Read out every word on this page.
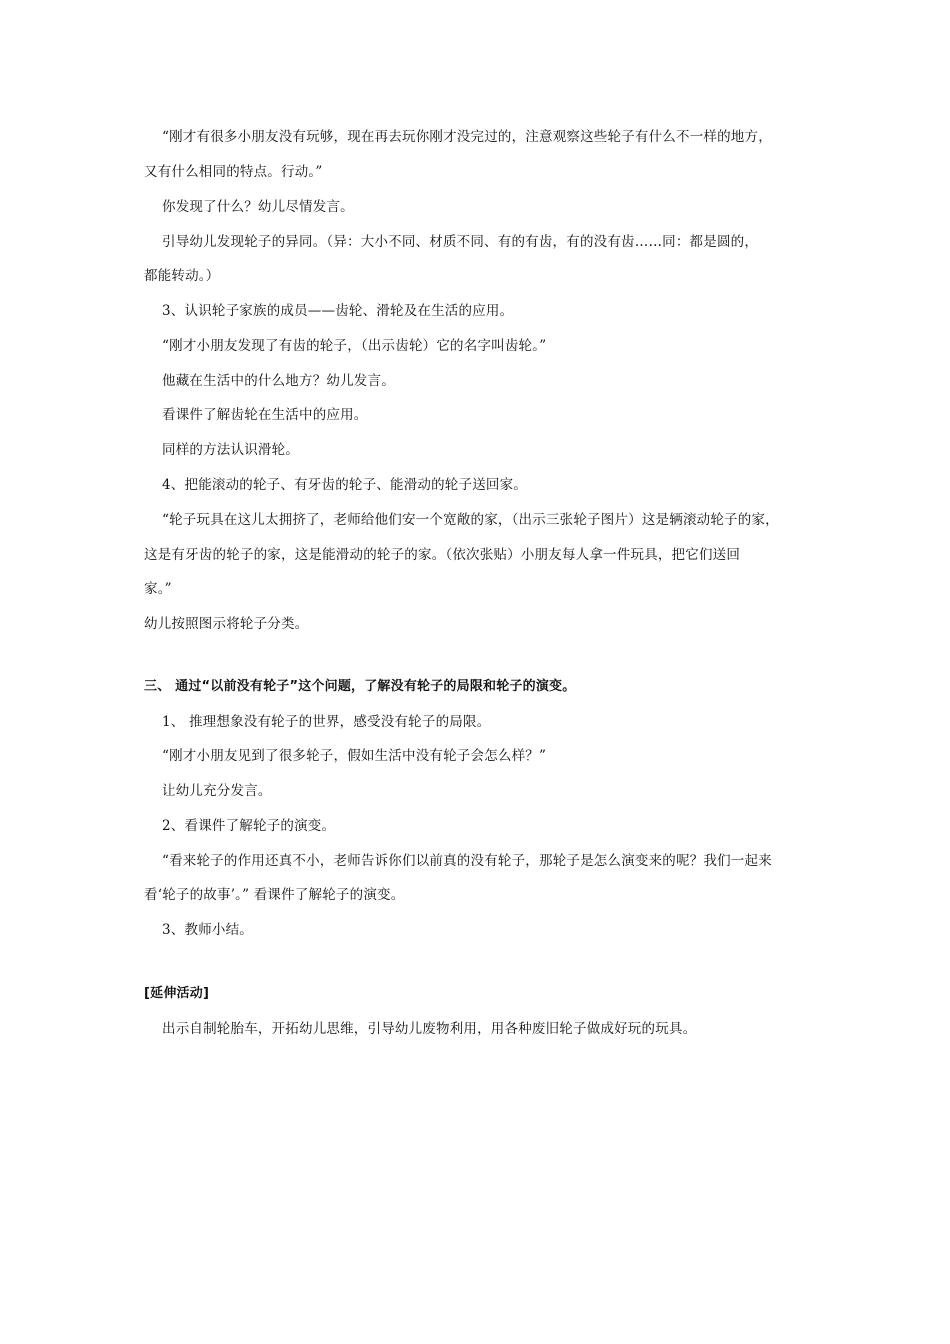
“刚才有很多小朋友没有玩够，现在再去玩你刚才没完过的，注意观察这些轮子有什么不一样的地方，
又有什么相同的特点。行动。”
你发现了什么？幼儿尽情发言。
引导幼儿发现轮子的异同。（异：大小不同、材质不同、有的有齿，有的没有齿……同：都是圆的，
都能转动。）
3、认识轮子家族的成员——齿轮、滑轮及在生活的应用。
“刚才小朋友发现了有齿的轮子，（出示齿轮）它的名字叫齿轮。”
他藏在生活中的什么地方？幼儿发言。
看课件了解齿轮在生活中的应用。
同样的方法认识滑轮。
4、把能滚动的轮子、有牙齿的轮子、能滑动的轮子送回家。
“轮子玩具在这儿太拥挤了，老师给他们安一个宽敞的家，（出示三张轮子图片）这是辆滚动轮子的家，
这是有牙齿的轮子的家，这是能滑动的轮子的家。（依次张贴）小朋友每人拿一件玩具，把它们送回
家。”
幼儿按照图示将轮子分类。
三、 通过“以前没有轮子”这个问题，了解没有轮子的局限和轮子的演变。
1、 推理想象没有轮子的世界，感受没有轮子的局限。
“刚才小朋友见到了很多轮子，假如生活中没有轮子会怎么样？”
让幼儿充分发言。
2、看课件了解轮子的演变。
“看来轮子的作用还真不小，老师告诉你们以前真的没有轮子，那轮子是怎么演变来的呢？我们一起来
看‘轮子的故事’。” 看课件了解轮子的演变。
3、教师小结。
[延伸活动]
出示自制轮胎车，开拓幼儿思维，引导幼儿废物利用，用各种废旧轮子做成好玩的玩具。
